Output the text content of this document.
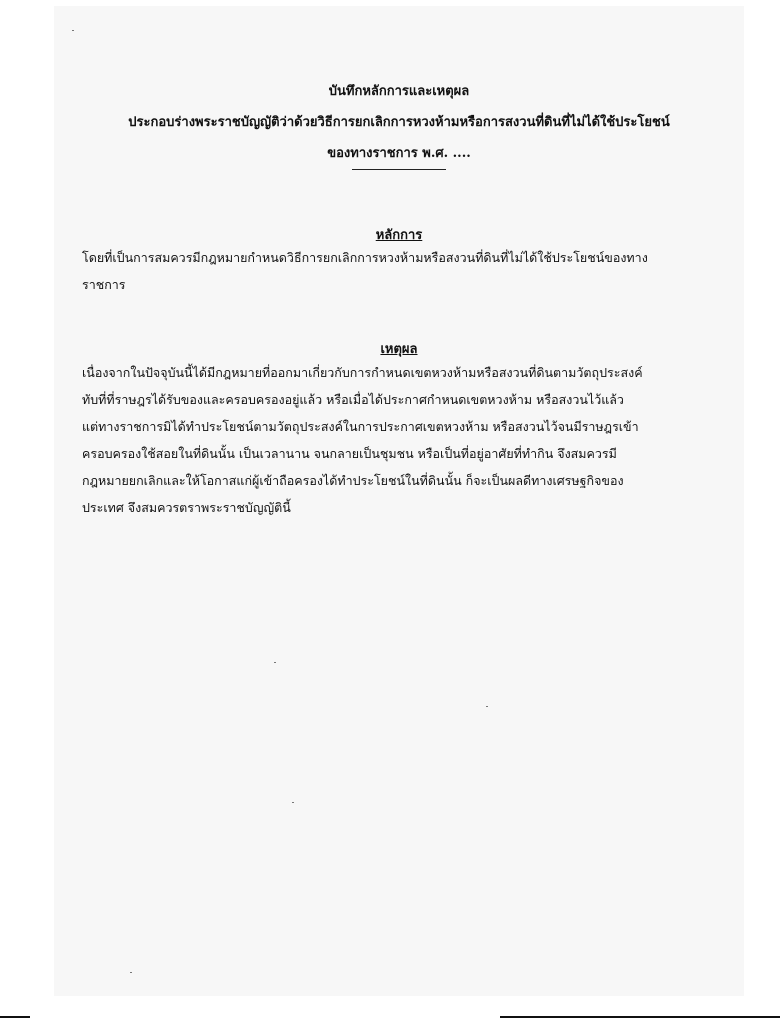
บันทึกหลักการและเหตุผล
ประกอบร่างพระราชบัญญัติว่าด้วยวิธีการยกเลิกการหวงห้ามหรือการสงวนที่ดินที่ไม่ได้ใช้ประโยชน์
ของทางราชการ พ.ศ. ....
หลักการ
โดยที่เป็นการสมควรมีกฎหมายกำหนดวิธีการยกเลิกการหวงห้ามหรือสงวนที่ดินที่ไม่ได้ใช้ประโยชน์ของทาง
ราชการ
เหตุผล
เนื่องจากในปัจจุบันนี้ได้มีกฎหมายที่ออกมาเกี่ยวกับการกำหนดเขตหวงห้ามหรือสงวนที่ดินตามวัตถุประสงค์
ทับที่ที่ราษฎรได้รับของและครอบครองอยู่แล้ว หรือเมื่อได้ประกาศกำหนดเขตหวงห้าม หรือสงวนไว้แล้ว
แต่ทางราชการมิได้ทำประโยชน์ตามวัตถุประสงค์ในการประกาศเขตหวงห้าม หรือสงวนไว้จนมีราษฎรเข้า
ครอบครองใช้สอยในที่ดินนั้น เป็นเวลานาน จนกลายเป็นชุมชน หรือเป็นที่อยู่อาศัยที่ทำกิน จึงสมควรมี
กฎหมายยกเลิกและให้โอกาสแก่ผู้เข้าถือครองได้ทำประโยชน์ในที่ดินนั้น ก็จะเป็นผลดีทางเศรษฐกิจของ
ประเทศ จึงสมควรตราพระราชบัญญัตินี้
